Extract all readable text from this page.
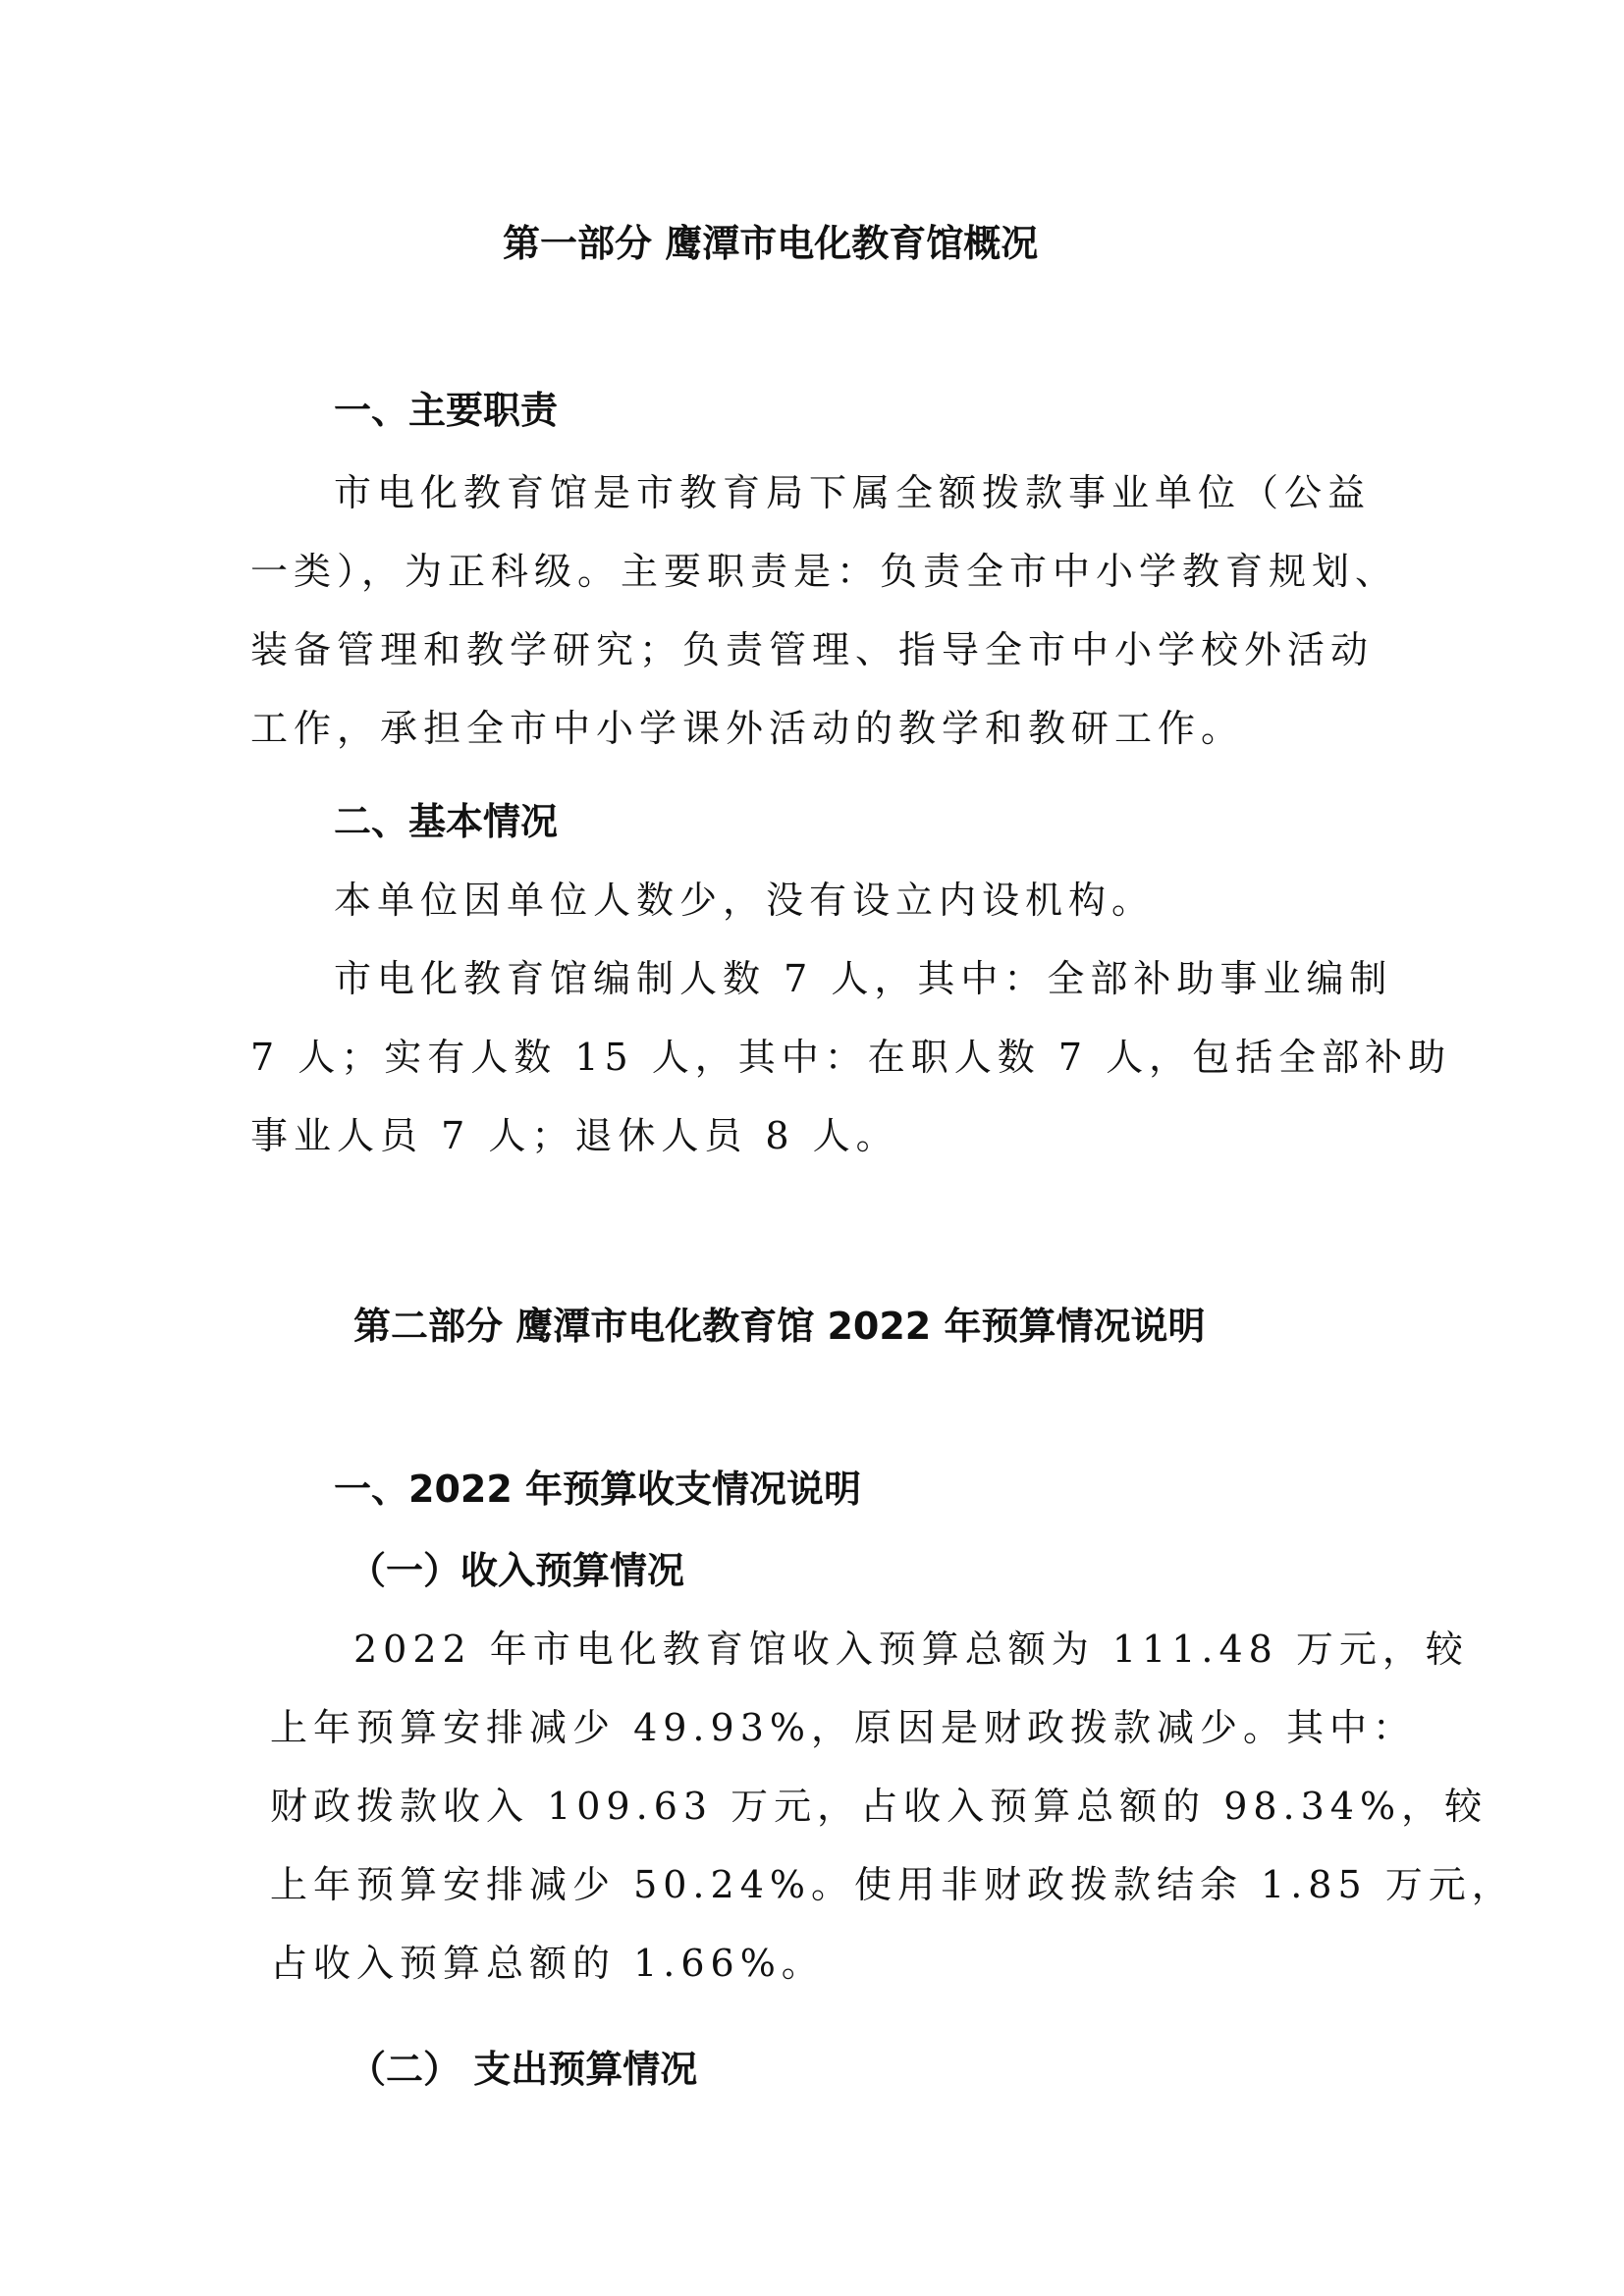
第一部分 鹰潭市电化教育馆概况
一、主要职责
市电化教育馆是市教育局下属全额拨款事业单位（公益
一类），为正科级。主要职责是：负责全市中小学教育规划、
装备管理和教学研究；负责管理、指导全市中小学校外活动
工作，承担全市中小学课外活动的教学和教研工作。
二、基本情况
本单位因单位人数少，没有设立内设机构。
市电化教育馆编制人数 7 人，其中：全部补助事业编制
7 人；实有人数 15 人，其中：在职人数 7 人，包括全部补助
事业人员 7 人；退休人员 8 人。
第二部分 鹰潭市电化教育馆 2022 年预算情况说明
一、2022 年预算收支情况说明
（一）收入预算情况
2022 年市电化教育馆收入预算总额为 111.48 万元，较
上年预算安排减少 49.93%，原因是财政拨款减少。其中：
财政拨款收入 109.63 万元，占收入预算总额的 98.34%，较
上年预算安排减少 50.24%。使用非财政拨款结余 1.85 万元，
占收入预算总额的 1.66%。
（二） 支出预算情况
